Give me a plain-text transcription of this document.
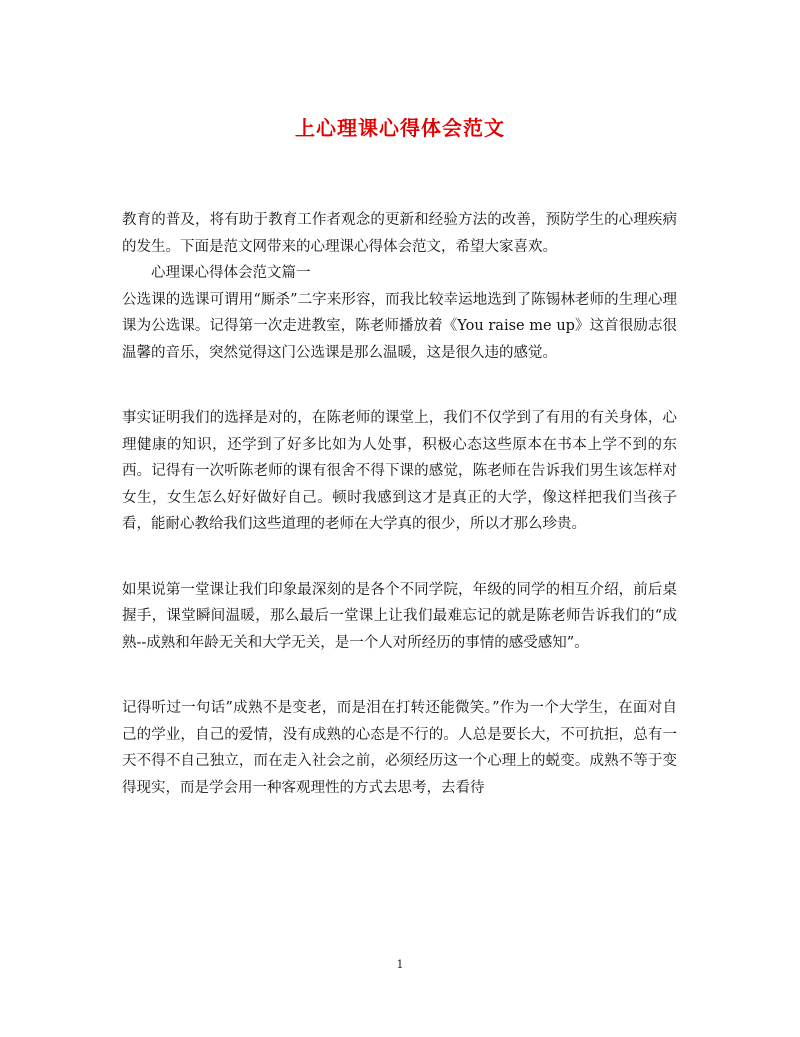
上心理课心得体会范文

教育的普及，将有助于教育工作者观念的更新和经验方法的改善，预防学生的心理疾病的发生。下面是范文网带来的心理课心得体会范文，希望大家喜欢。

心理课心得体会范文篇一

公选课的选课可谓用“厮杀”二字来形容，而我比较幸运地选到了陈锡林老师的生理心理课为公选课。记得第一次走进教室，陈老师播放着《You raise me up》这首很励志很温馨的音乐，突然觉得这门公选课是那么温暖，这是很久违的感觉。

事实证明我们的选择是对的，在陈老师的课堂上，我们不仅学到了有用的有关身体，心理健康的知识，还学到了好多比如为人处事，积极心态这些原本在书本上学不到的东西。记得有一次听陈老师的课有很舍不得下课的感觉，陈老师在告诉我们男生该怎样对女生，女生怎么好好做好自己。顿时我感到这才是真正的大学，像这样把我们当孩子看，能耐心教给我们这些道理的老师在大学真的很少，所以才那么珍贵。

如果说第一堂课让我们印象最深刻的是各个不同学院，年级的同学的相互介绍，前后桌握手，课堂瞬间温暖，那么最后一堂课上让我们最难忘记的就是陈老师告诉我们的“成熟--成熟和年龄无关和大学无关，是一个人对所经历的事情的感受感知”。

记得听过一句话”成熟不是变老，而是泪在打转还能微笑。”作为一个大学生，在面对自己的学业，自己的爱情，没有成熟的心态是不行的。人总是要长大，不可抗拒，总有一天不得不自己独立，而在走入社会之前，必须经历这一个心理上的蜕变。成熟不等于变得现实，而是学会用一种客观理性的方式去思考，去看待

1
